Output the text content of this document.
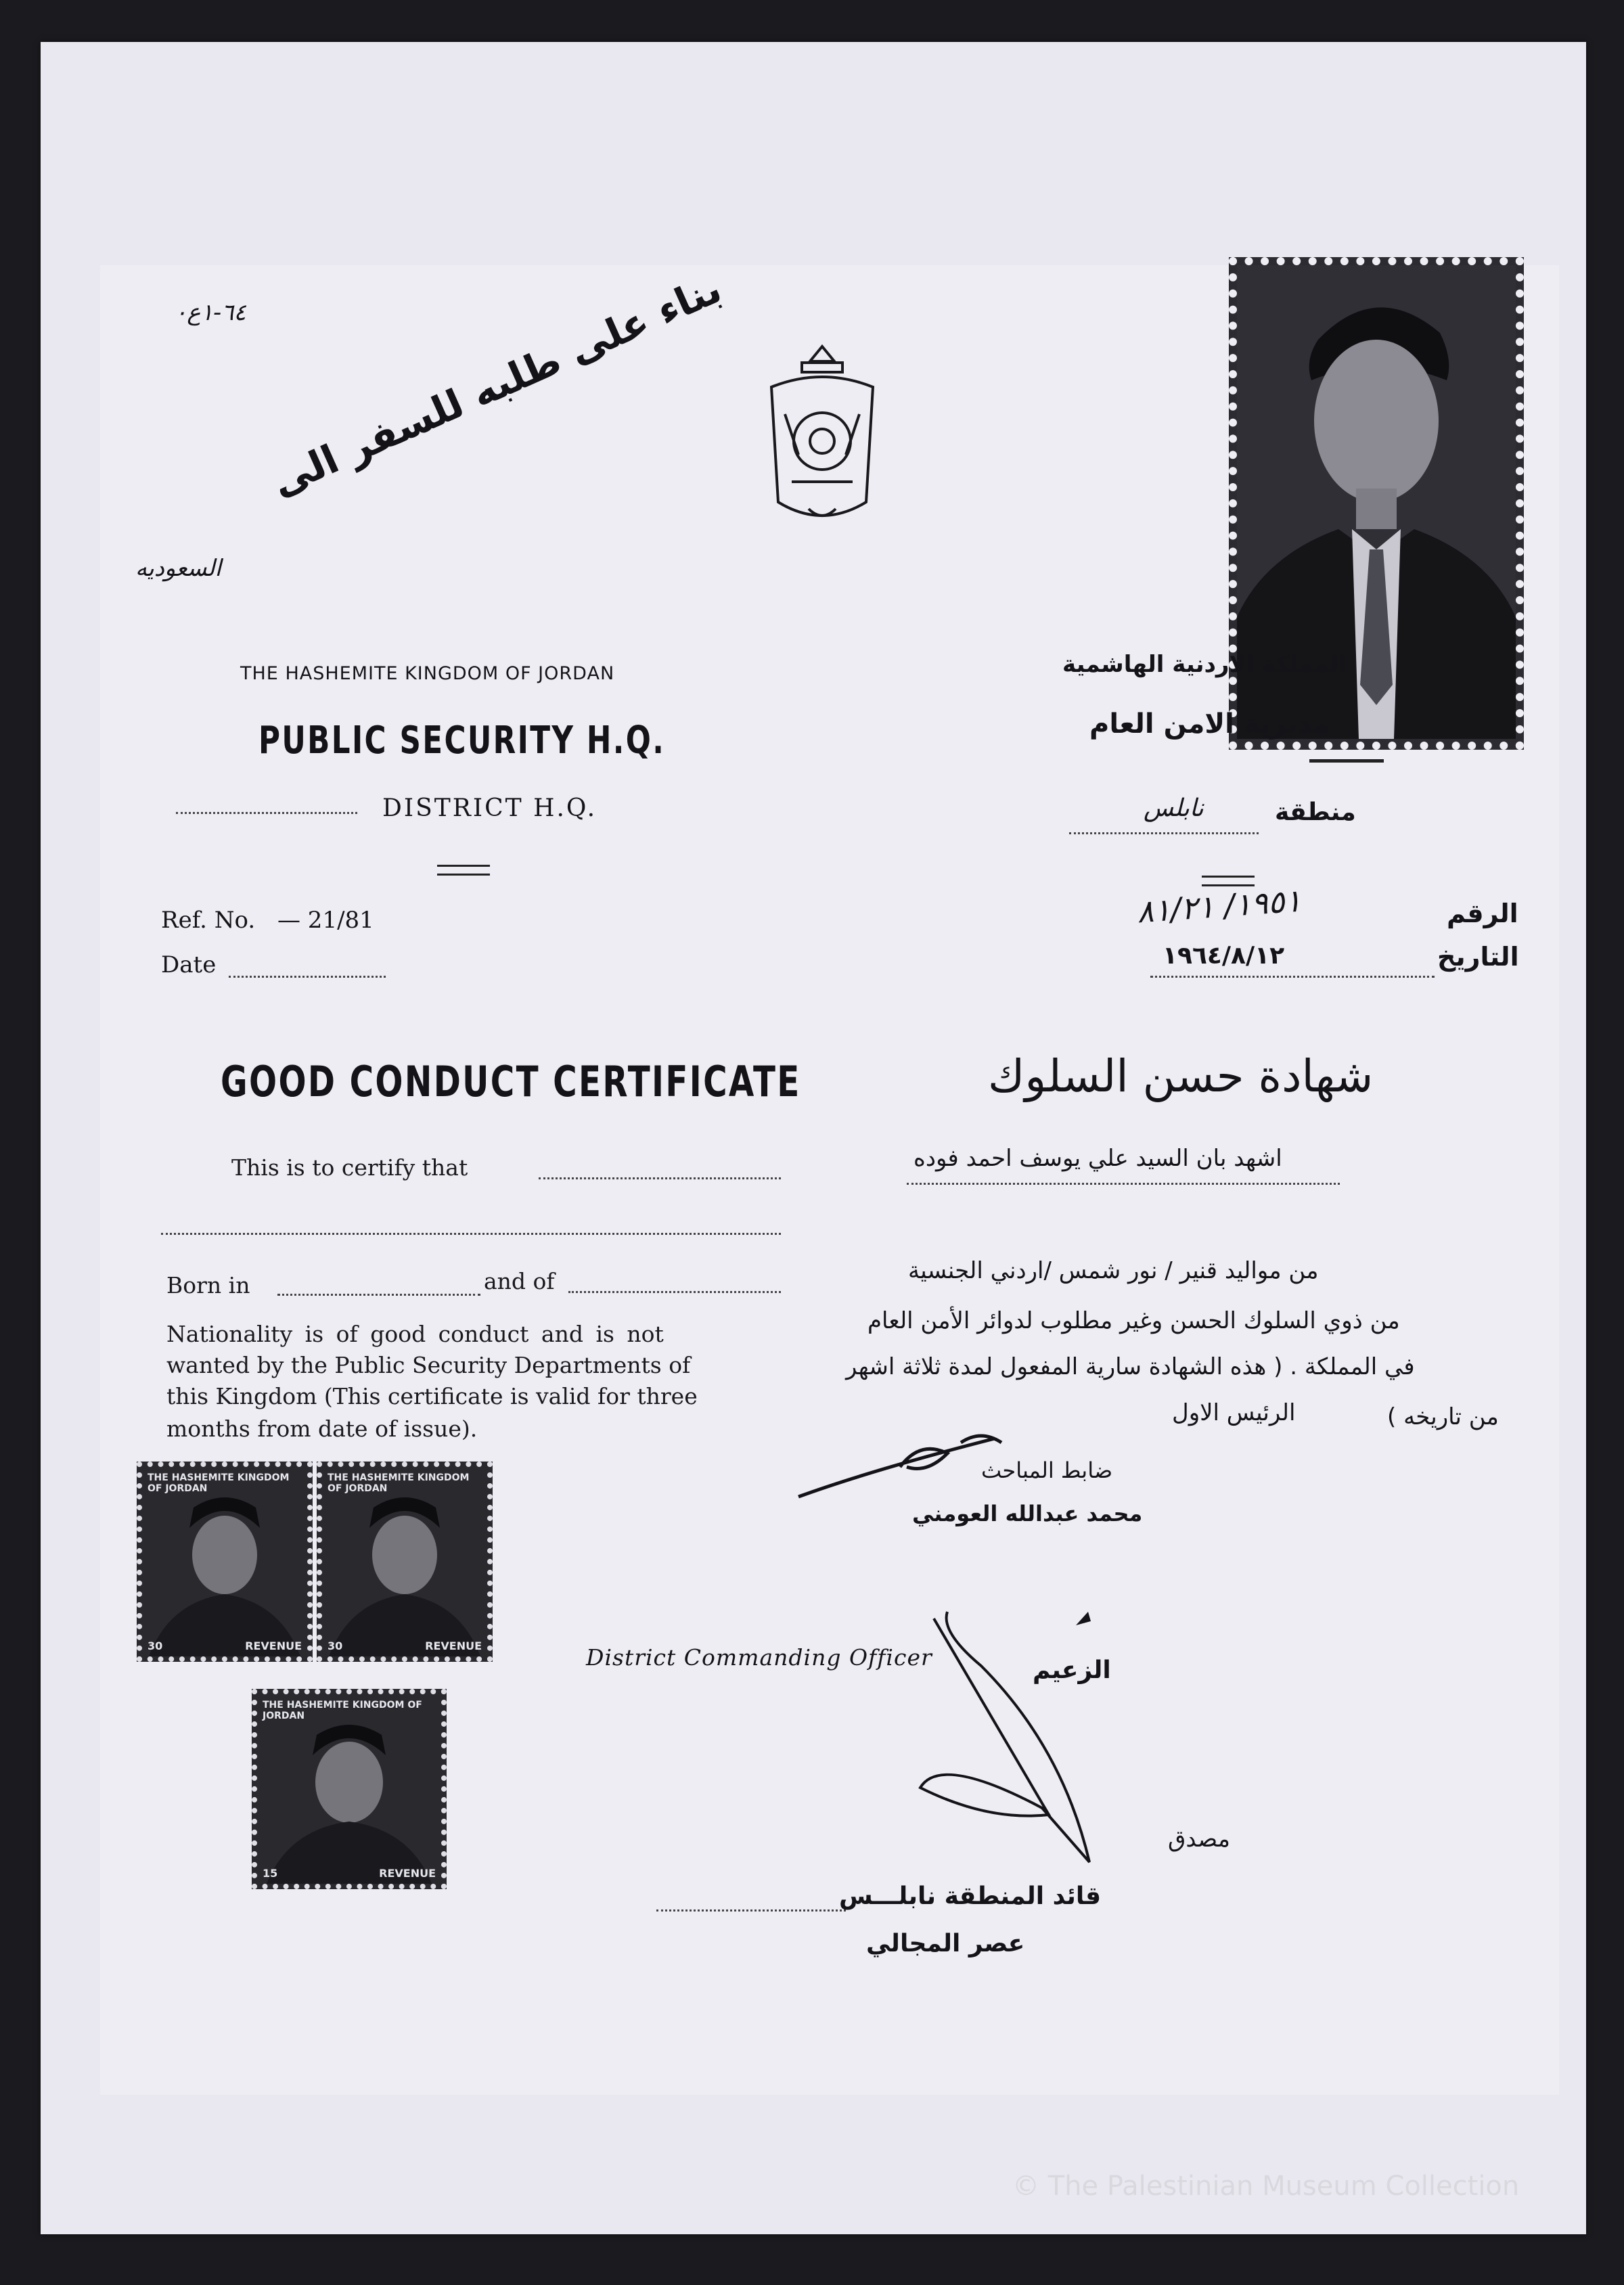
٦٤-١ع٠ بناء على طلبه للسفر الى
السعوديه
THE HASHEMITE KINGDOM OF JORDAN
PUBLIC SECURITY H.Q.
DISTRICT H.Q.
المملكة الاردنية الهاشمية
مديرية الامن العام
منطقة
نابلس
Ref. No. — 21/81
Date
الرقم
١٩٥١/ ٨١/٢١
التاريخ
١٩٦٤/٨/١٢
GOOD CONDUCT CERTIFICATE	شهادة حسن السلوك
This is to certify that
Born in	and of
Nationality is of good conduct and is not
wanted by the Public Security Departments of
this Kingdom (This certificate is valid for three
months from date of issue).
اشهد بان السيد علي يوسف احمد فوده
من مواليد قنير / نور شمس /اردني الجنسية
من ذوي السلوك الحسن وغير مطلوب لدوائر الأمن العام
في المملكة . ( هذه الشهادة سارية المفعول لمدة ثلاثة اشهر
من تاريخه )
الرئيس الاول
ضابط المباحث
محمد عبدالله العومني
THE HASHEMITE KINGDOM OF JORDAN
30	REVENUE
THE HASHEMITE KINGDOM OF JORDAN
30	REVENUE
THE HASHEMITE KINGDOM OF JORDAN
15	REVENUE
District Commanding Officer	الزعيم
مصدق
قائد المنطقة نابلـــس
عصر المجالي
© The Palestinian Museum Collection
